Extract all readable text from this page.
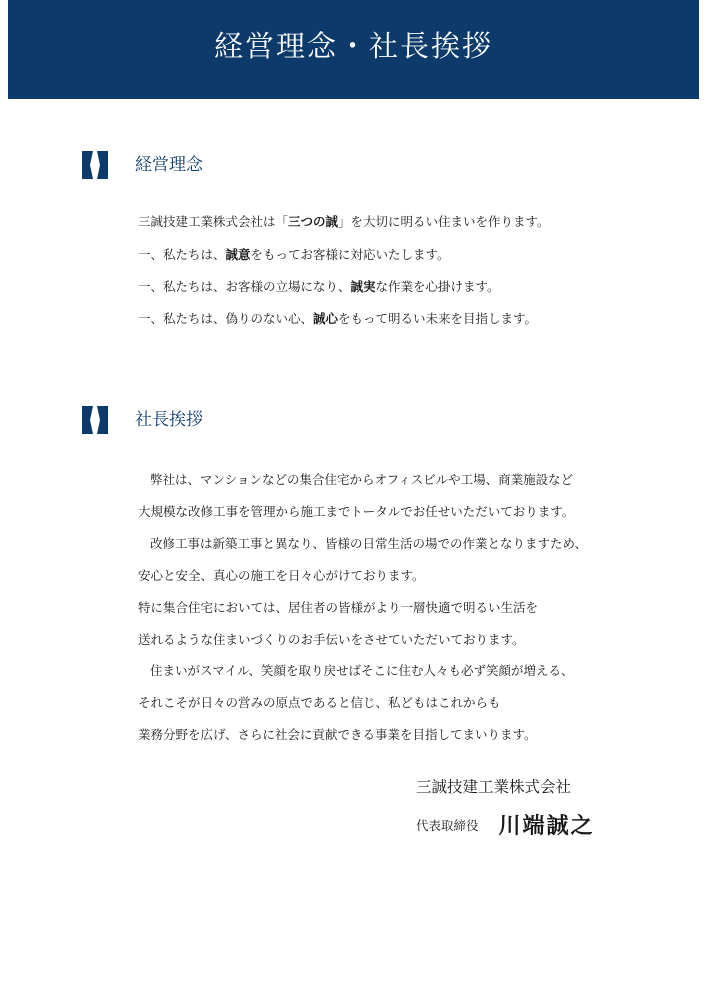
経営理念・社長挨拶
経営理念
三誠技建工業株式会社は「三つの誠」を大切に明るい住まいを作ります。
一、私たちは、誠意をもってお客様に対応いたします。
一、私たちは、お客様の立場になり、誠実な作業を心掛けます。
一、私たちは、偽りのない心、誠心をもって明るい未来を目指します。
社長挨拶
弊社は、マンションなどの集合住宅からオフィスビルや工場、商業施設など
大規模な改修工事を管理から施工までトータルでお任せいただいております。
改修工事は新築工事と異なり、皆様の日常生活の場での作業となりますため、
安心と安全、真心の施工を日々心がけております。
特に集合住宅においては、居住者の皆様がより一層快適で明るい生活を
送れるような住まいづくりのお手伝いをさせていただいております。
住まいがスマイル、笑顔を取り戻せばそこに住む人々も必ず笑顔が増える、
それこそが日々の営みの原点であると信じ、私どもはこれからも
業務分野を広げ、さらに社会に貢献できる事業を目指してまいります。
三誠技建工業株式会社
代表取締役 川端誠之
